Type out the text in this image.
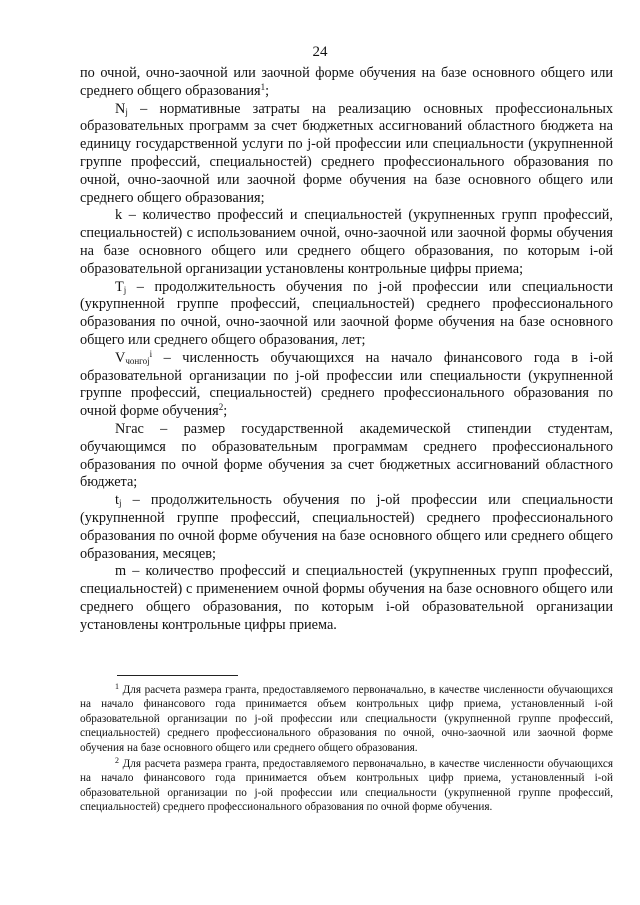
24

по очной, очно-заочной или заочной форме обучения на базе основного общего или среднего общего образования$^1$;

$N_j$ – нормативные затраты на реализацию основных профессиональных образовательных программ за счет бюджетных ассигнований областного бюджета на единицу государственной услуги по j-ой профессии или специальности (укрупненной группе профессий, специальностей) среднего профессионального образования по очной, очно-заочной или заочной форме обучения на базе основного общего или среднего общего образования;

k – количество профессий и специальностей (укрупненных групп профессий, специальностей) с использованием очной, очно-заочной или заочной формы обучения на базе основного общего или среднего общего образования, по которым i-ой образовательной организации установлены контрольные цифры приема;

$T_j$ – продолжительность обучения по j-ой профессии или специальности (укрупненной группе профессий, специальностей) среднего профессионального образования по очной, очно-заочной или заочной форме обучения на базе основного общего или среднего общего образования, лет;

$V_{чонгоj}^i$ – численность обучающихся на начало финансового года в i-ой образовательной организации по j-ой профессии или специальности (укрупненной группе профессий, специальностей) среднего профессионального образования по очной форме обучения$^2$;

Nгас – размер государственной академической стипендии студентам, обучающимся по образовательным программам среднего профессионального образования по очной форме обучения за счет бюджетных ассигнований областного бюджета;

$t_j$ – продолжительность обучения по j-ой профессии или специальности (укрупненной группе профессий, специальностей) среднего профессионального образования по очной форме обучения на базе основного общего или среднего общего образования, месяцев;

m – количество профессий и специальностей (укрупненных групп профессий, специальностей) с применением очной формы обучения на базе основного общего или среднего общего образования, по которым i-ой образовательной организации установлены контрольные цифры приема.

$^1$ Для расчета размера гранта, предоставляемого первоначально, в качестве численности обучающихся на начало финансового года принимается объем контрольных цифр приема, установленный i-ой образовательной организации по j-ой профессии или специальности (укрупненной группе профессий, специальностей) среднего профессионального образования по очной, очно-заочной или заочной форме обучения на базе основного общего или среднего общего образования.

$^2$ Для расчета размера гранта, предоставляемого первоначально, в качестве численности обучающихся на начало финансового года принимается объем контрольных цифр приема, установленный i-ой образовательной организации по j-ой профессии или специальности (укрупненной группе профессий, специальностей) среднего профессионального образования по очной форме обучения.
